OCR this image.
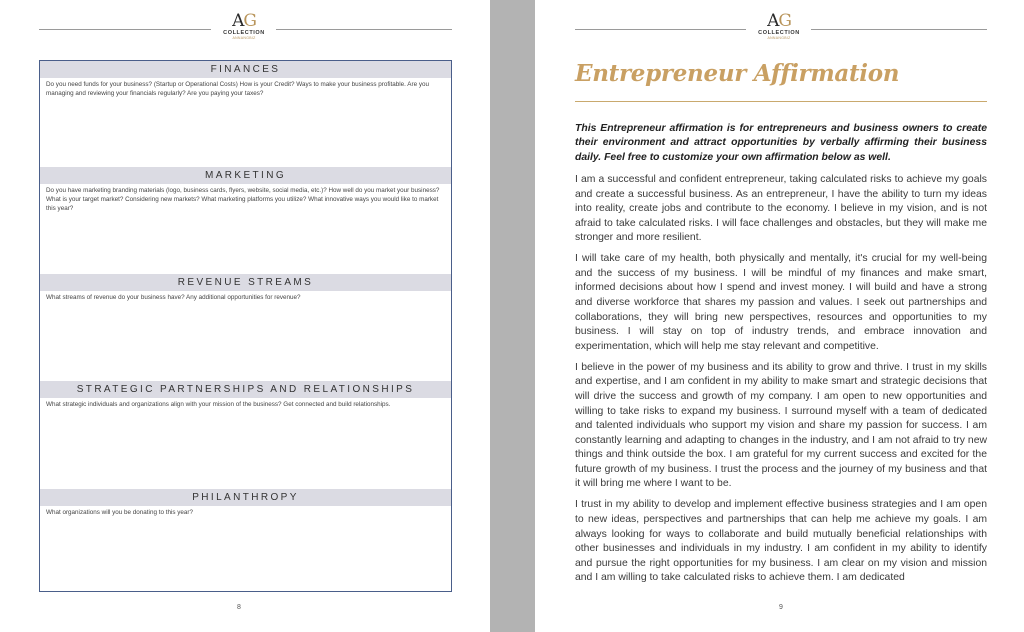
AG
COLLECTION
ANNANGBIZ
FINANCES
Do you need funds for your business? (Startup or Operational Costs) How is your Credit? Ways to make your business profitable. Are you managing and reviewing your financials regularly? Are you paying your taxes?
MARKETING
Do you have marketing branding materials (logo, business cards, flyers, website, social media, etc.)? How well do you market your business? What is your target market? Considering new markets? What marketing platforms you utilize? What innovative ways you would like to market this year?
REVENUE STREAMS
What streams of revenue do your business have? Any additional opportunities for revenue?
STRATEGIC PARTNERSHIPS AND RELATIONSHIPS
What strategic individuals and organizations align with your mission of the business? Get connected and build relationships.
PHILANTHROPY
What organizations will you be donating to this year?
8
AG
COLLECTION
ANNANGBIZ
Entrepreneur Affirmation
This Entrepreneur affirmation is for entrepreneurs and business owners to create their environment and attract opportunities by verbally affirming their business daily. Feel free to customize your own affirmation below as well.

I am a successful and confident entrepreneur, taking calculated risks to achieve my goals and create a successful business. As an entrepreneur, I have the ability to turn my ideas into reality, create jobs and contribute to the economy. I believe in my vision, and is not afraid to take calculated risks. I will face challenges and obstacles, but they will make me stronger and more resilient.

I will take care of my health, both physically and mentally, it's crucial for my well-being and the success of my business. I will be mindful of my finances and make smart, informed decisions about how I spend and invest money. I will build and have a strong and diverse workforce that shares my passion and values. I seek out partnerships and collaborations, they will bring new perspectives, resources and opportunities to my business. I will stay on top of industry trends, and embrace innovation and experimentation, which will help me stay relevant and competitive.

I believe in the power of my business and its ability to grow and thrive. I trust in my skills and expertise, and I am confident in my ability to make smart and strategic decisions that will drive the success and growth of my company. I am open to new opportunities and willing to take risks to expand my business. I surround myself with a team of dedicated and talented individuals who support my vision and share my passion for success. I am constantly learning and adapting to changes in the industry, and I am not afraid to try new things and think outside the box. I am grateful for my current success and excited for the future growth of my business. I trust the process and the journey of my business and that it will bring me where I want to be.

I trust in my ability to develop and implement effective business strategies and I am open to new ideas, perspectives and partnerships that can help me achieve my goals. I am always looking for ways to collaborate and build mutually beneficial relationships with other businesses and individuals in my industry. I am confident in my ability to identify and pursue the right opportunities for my business. I am clear on my vision and mission and I am willing to take calculated risks to achieve them. I am dedicated

9
